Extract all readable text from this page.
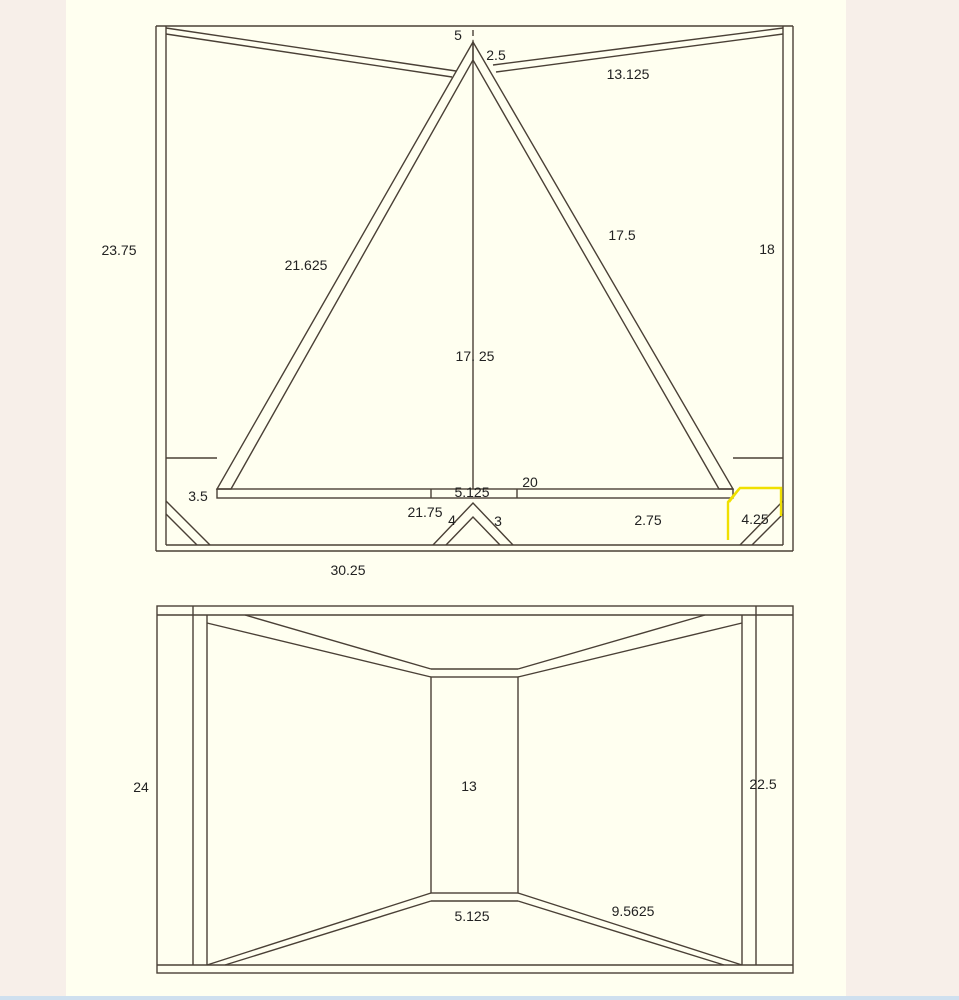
23.75	18
30.25
5
2.5
13.125
21.625
17.5
17. 25
3.5	5.125
20
21.75 4	3	2.75	4.25
24	22.5
13
5.125	9.5625
